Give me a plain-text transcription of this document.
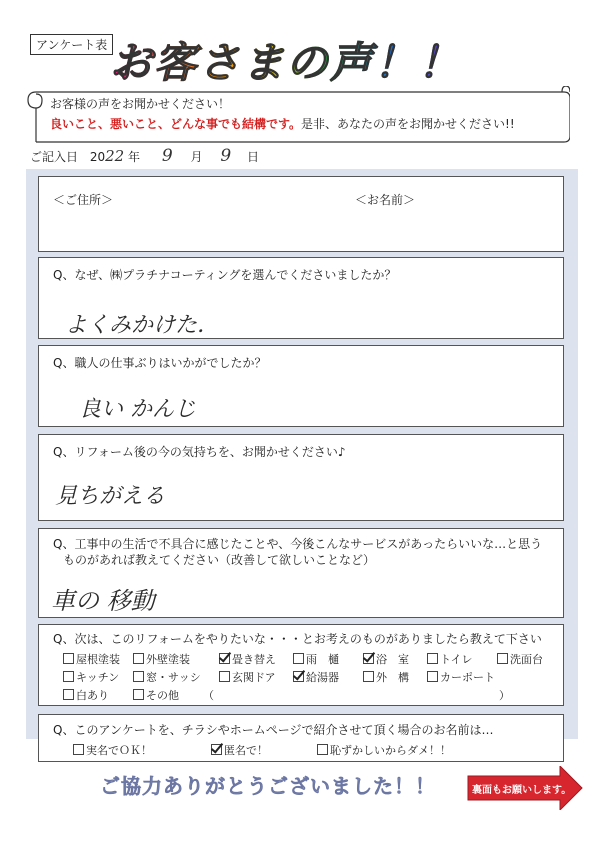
アンケート表 お客さまの声！！
お客様の声をお聞かせください！
良いこと、悪いこと、どんな事でも結構です。是非、あなたの声をお聞かせください!!
ご記入日 2022 年 9 月 9 日
＜ご住所＞	＜お名前＞
Q、なぜ、㈱プラチナコーティングを選んでくださいましたか？
よくみかけた．
Q、職人の仕事ぶりはいかがでしたか？
良い かんじ
Q、リフォーム後の今の気持ちを、お聞かせください♪
見ちがえる
Q、工事中の生活で不具合に感じたことや、今後こんなサービスがあったらいいな…と思う
ものがあれば教えてください（改善して欲しいことなど）
車の 移動
Q、次は、このリフォームをやりたいな・・・とお考えのものがありましたら教えて下さい
屋根塗装	外壁塗装	畳き替え	雨　樋	浴　室	トイレ	洗面台
キッチン	窓・サッシ	玄関ドア	給湯器	外　構	カーポート
白あり	その他 （	）
Q、このアンケートを、チラシやホームページで紹介させて頂く場合のお名前は…
実名でＯＫ！	匿名で！	恥ずかしいからダメ！！
ご協力ありがとうございました！！	裏面もお願いします。
